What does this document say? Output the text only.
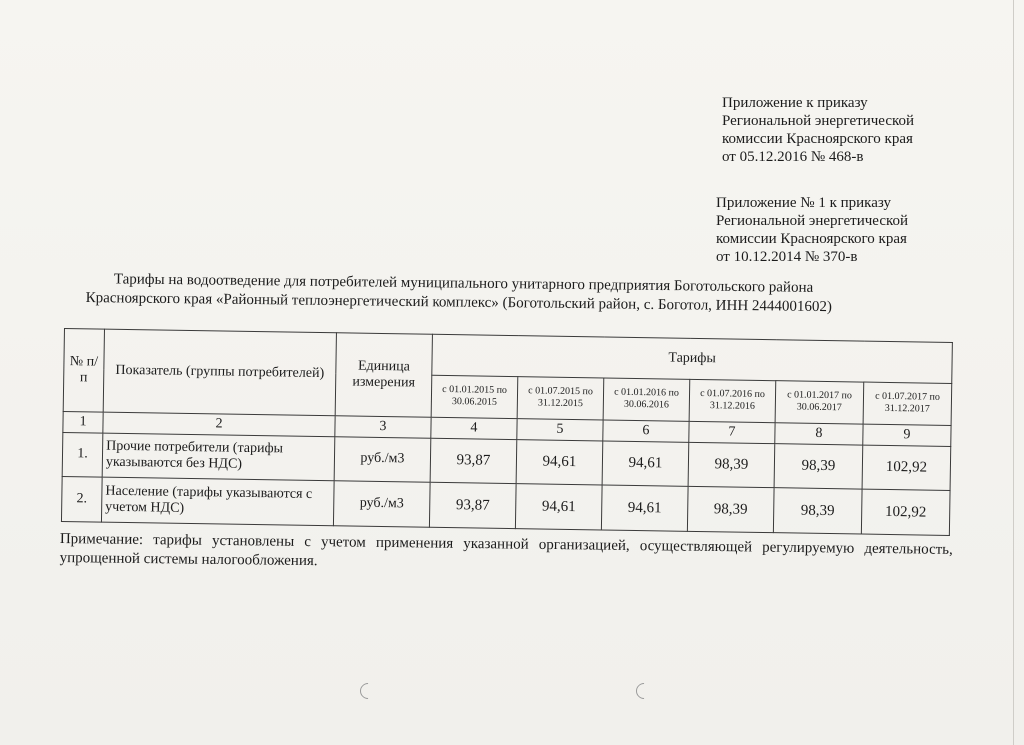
Приложение к приказу
Региональной энергетической
комиссии Красноярского края
от 05.12.2016 № 468-в
Приложение № 1 к приказу
Региональной энергетической
комиссии Красноярского края
от 10.12.2014 № 370-в
Тарифы на водоотведение для потребителей муниципального унитарного предприятия Боготольского района
Красноярского края «Районный теплоэнергетический комплекс» (Боготольский район, с. Боготол, ИНН 2444001602)
№ п/п	Показатель (группы потребителей)	Единица измерения	Тарифы					
			с 01.01.2015 по 30.06.2015	с 01.07.2015 по 31.12.2015	с 01.01.2016 по 30.06.2016	с 01.07.2016 по 31.12.2016	с 01.01.2017 по 30.06.2017	с 01.07.2017 по 31.12.2017
1	2	3	4	5	6	7	8	9
1.	Прочие потребители (тарифы указываются без НДС)	руб./м3	93,87	94,61	94,61	98,39	98,39	102,92
2.	Население (тарифы указываются с учетом НДС)	руб./м3	93,87	94,61	94,61	98,39	98,39	102,92
Примечание: тарифы установлены с учетом применения указанной организацией, осуществляющей регулируемую деятельность, упрощенной системы налогообложения.
